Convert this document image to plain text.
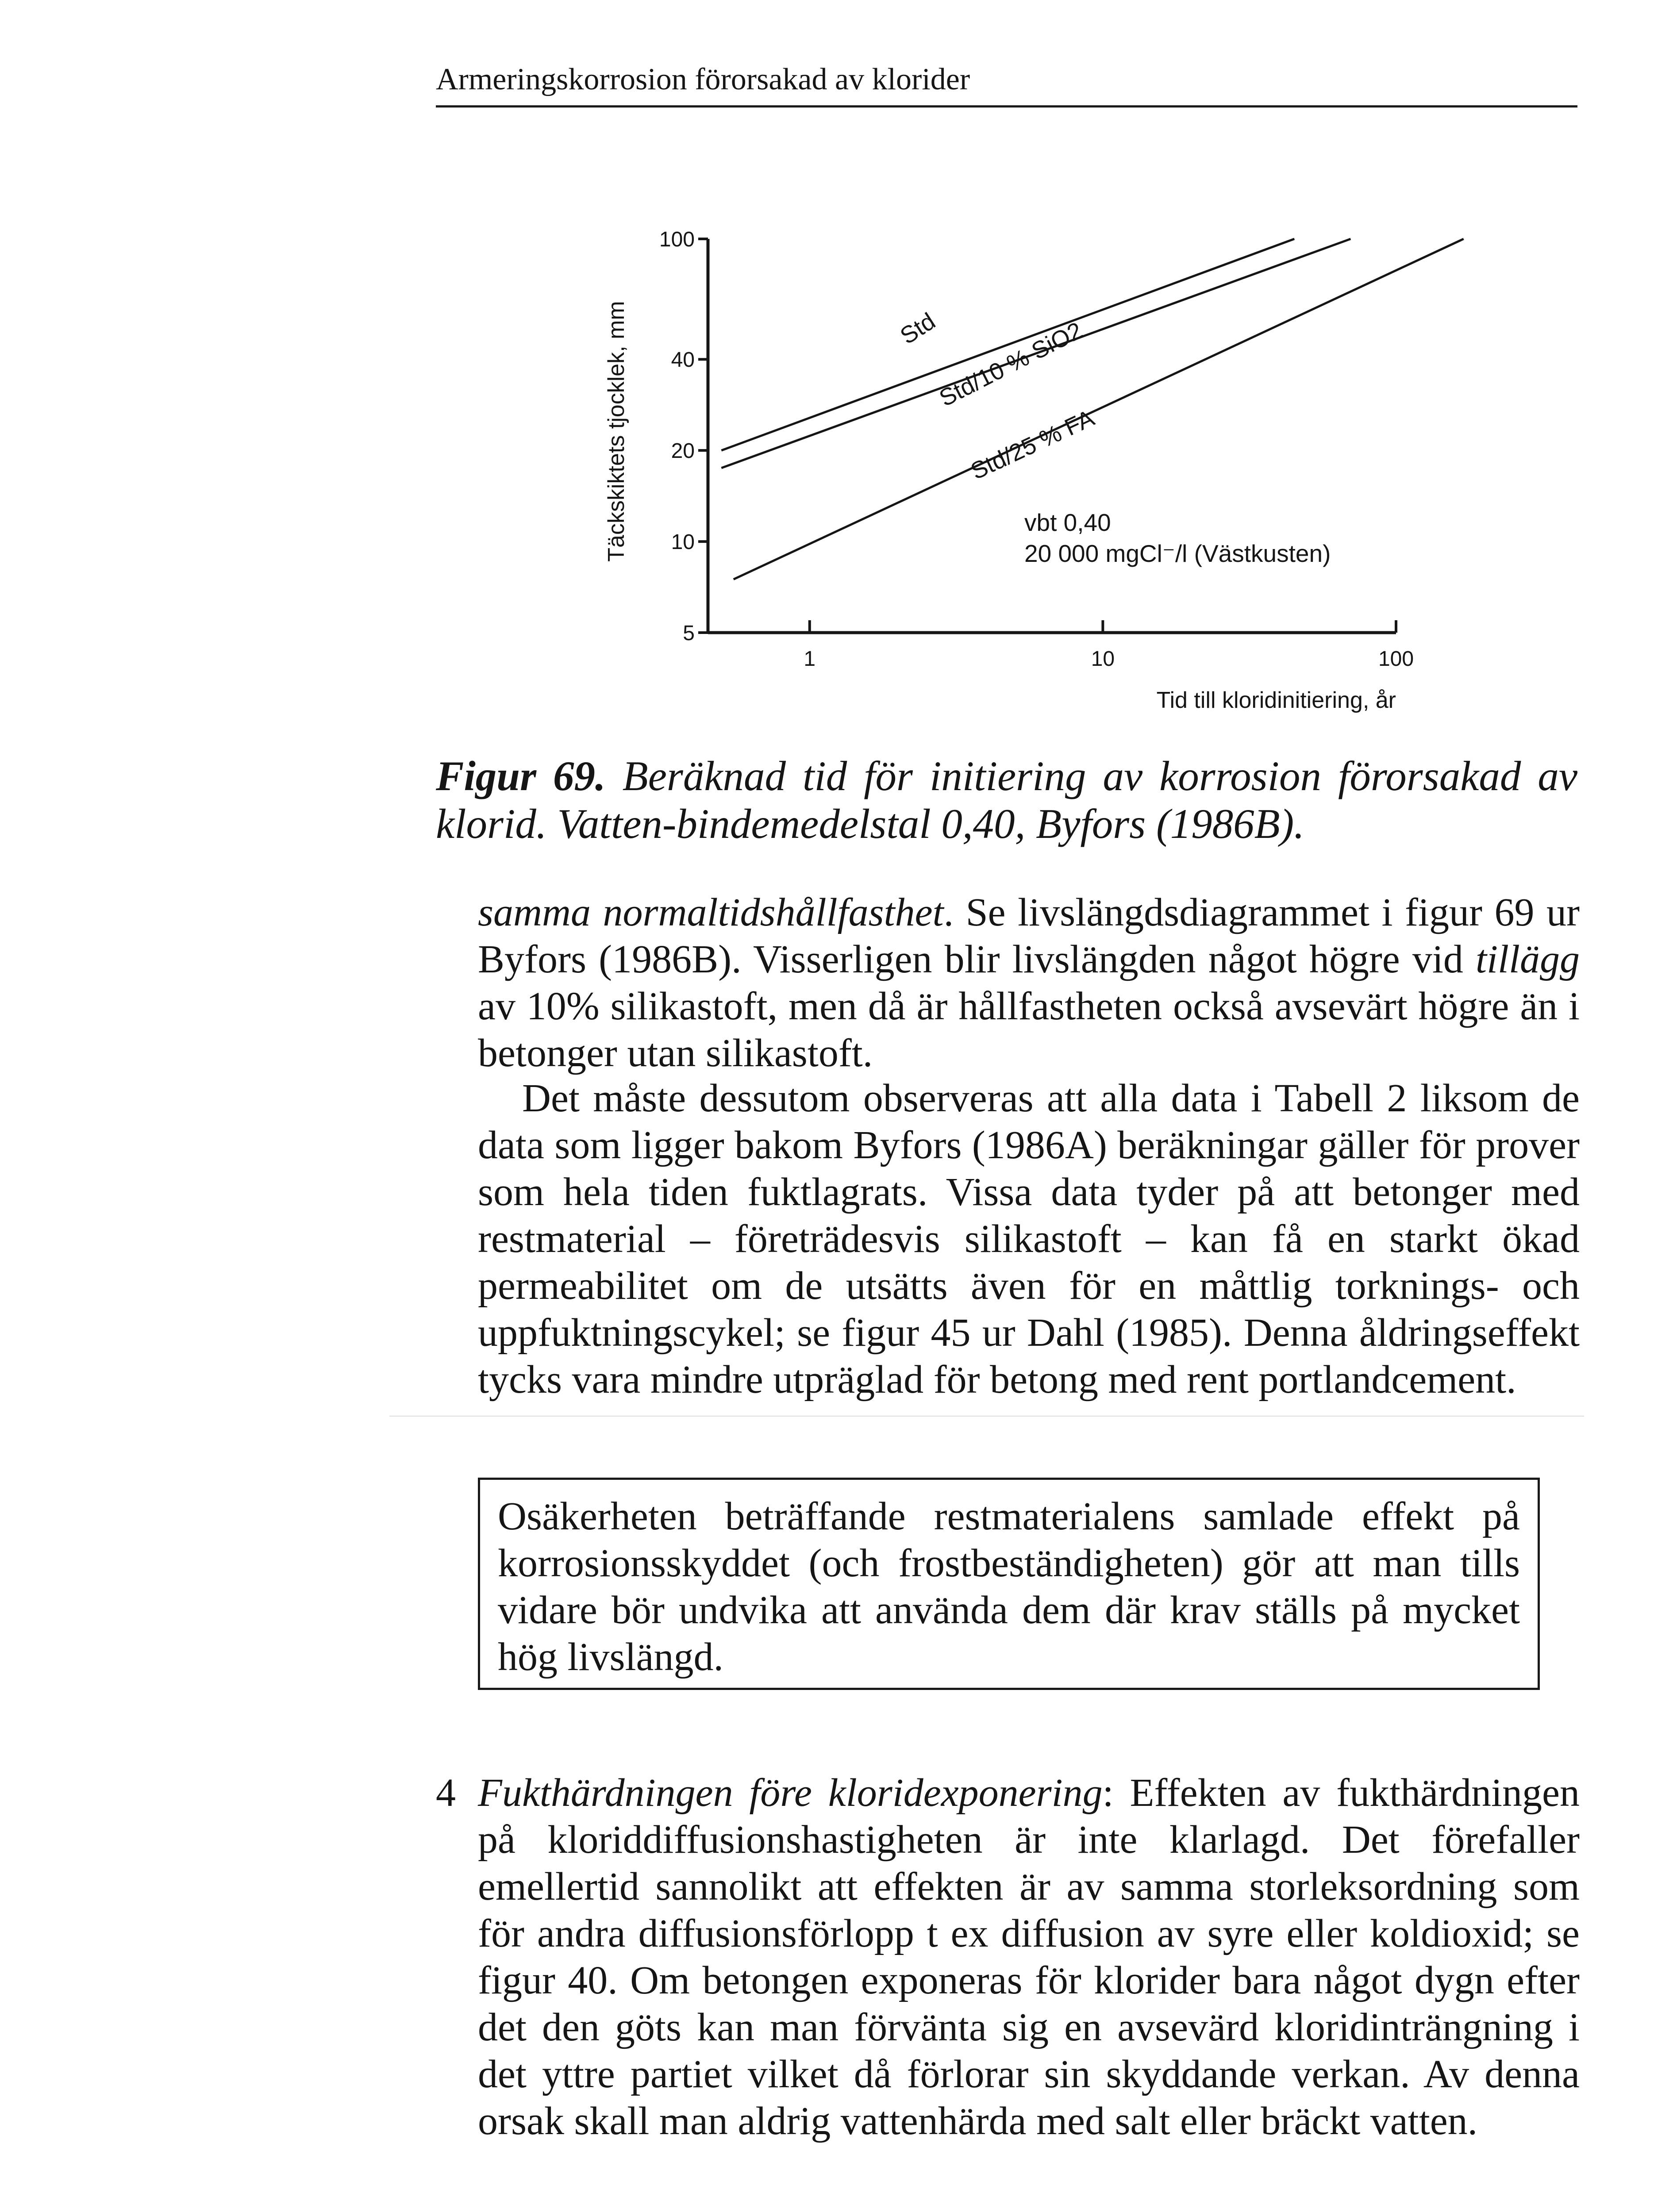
Armeringskorrosion förorsakad av klorider
100
40
20
10
5
1	10	100
Täckskiktets tjocklek, mm
Tid till kloridinitiering, år
Std
Std/10 % SiO2
Std/25 % FA
vbt 0,40
20 000 mgCl⁻/l (Västkusten)
Figur 69. Beräknad tid för initiering av korrosion förorsakad av klorid. Vatten-bindemedelstal 0,40, Byfors (1986B).
samma normaltidshållfasthet. Se livslängdsdiagrammet i figur 69 ur Byfors (1986B). Visserligen blir livslängden något högre vid tillägg av 10% silikastoft, men då är hållfastheten också avsevärt högre än i betonger utan silikastoft.
Det måste dessutom observeras att alla data i Tabell 2 liksom de data som ligger bakom Byfors (1986A) beräkningar gäller för prover som hela tiden fuktlagrats. Vissa data tyder på att betonger med restmaterial – företrädesvis silikastoft – kan få en starkt ökad permeabilitet om de utsätts även för en måttlig torknings- och uppfuktningscykel; se figur 45 ur Dahl (1985). Denna åldringseffekt tycks vara mindre utpräglad för betong med rent portlandcement.
Osäkerheten beträffande restmaterialens samlade effekt på korrosionsskyddet (och frostbeständigheten) gör att man tills vidare bör undvika att använda dem där krav ställs på mycket hög livslängd.
4 Fukthärdningen före kloridexponering: Effekten av fukthärdningen på kloriddiffusionshastigheten är inte klarlagd. Det förefaller emellertid sannolikt att effekten är av samma storleksordning som för andra diffusionsförlopp t ex diffusion av syre eller koldioxid; se figur 40. Om betongen exponeras för klorider bara något dygn efter det den göts kan man förvänta sig en avsevärd kloridinträngning i det yttre partiet vilket då förlorar sin skyddande verkan. Av denna orsak skall man aldrig vattenhärda med salt eller bräckt vatten.
